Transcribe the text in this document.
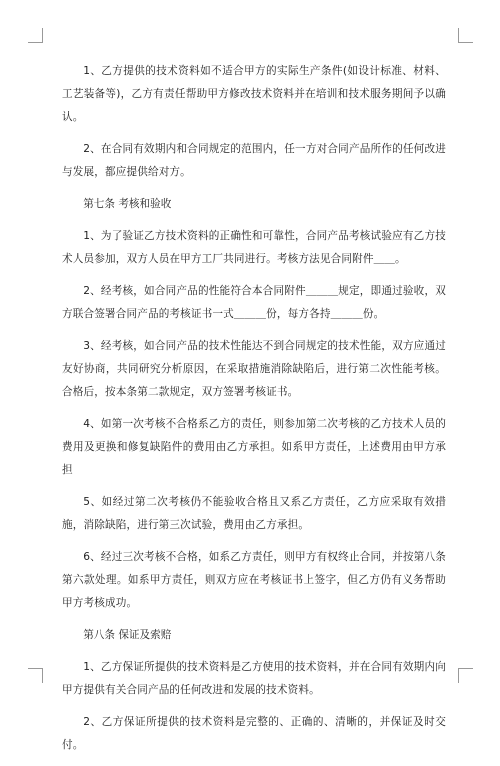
1、乙方提供的技术资料如不适合甲方的实际生产条件(如设计标准、材料、工艺装备等)，乙方有责任帮助甲方修改技术资料并在培训和技术服务期间予以确认。

2、在合同有效期内和合同规定的范围内，任一方对合同产品所作的任何改进与发展，都应提供给对方。

第七条 考核和验收

1、为了验证乙方技术资料的正确性和可靠性，合同产品考核试验应有乙方技术人员参加，双方人员在甲方工厂共同进行。考核方法见合同附件＿＿。

2、经考核，如合同产品的性能符合本合同附件＿＿＿规定，即通过验收，双方联合签署合同产品的考核证书一式＿＿＿份，每方各持＿＿＿份。

3、经考核，如合同产品的技术性能达不到合同规定的技术性能，双方应通过友好协商，共同研究分析原因，在采取措施消除缺陷后，进行第二次性能考核。合格后，按本条第二款规定，双方签署考核证书。

4、如第一次考核不合格系乙方的责任，则参加第二次考核的乙方技术人员的费用及更换和修复缺陷件的费用由乙方承担。如系甲方责任，上述费用由甲方承担

5、如经过第二次考核仍不能验收合格且又系乙方责任，乙方应采取有效措施，消除缺陷，进行第三次试验，费用由乙方承担。

6、经过三次考核不合格，如系乙方责任，则甲方有权终止合同，并按第八条第六款处理。如系甲方责任，则双方应在考核证书上签字，但乙方仍有义务帮助甲方考核成功。

第八条 保证及索赔

1、乙方保证所提供的技术资料是乙方使用的技术资料，并在合同有效期内向甲方提供有关合同产品的任何改进和发展的技术资料。

2、乙方保证所提供的技术资料是完整的、正确的、清晰的，并保证及时交付。
